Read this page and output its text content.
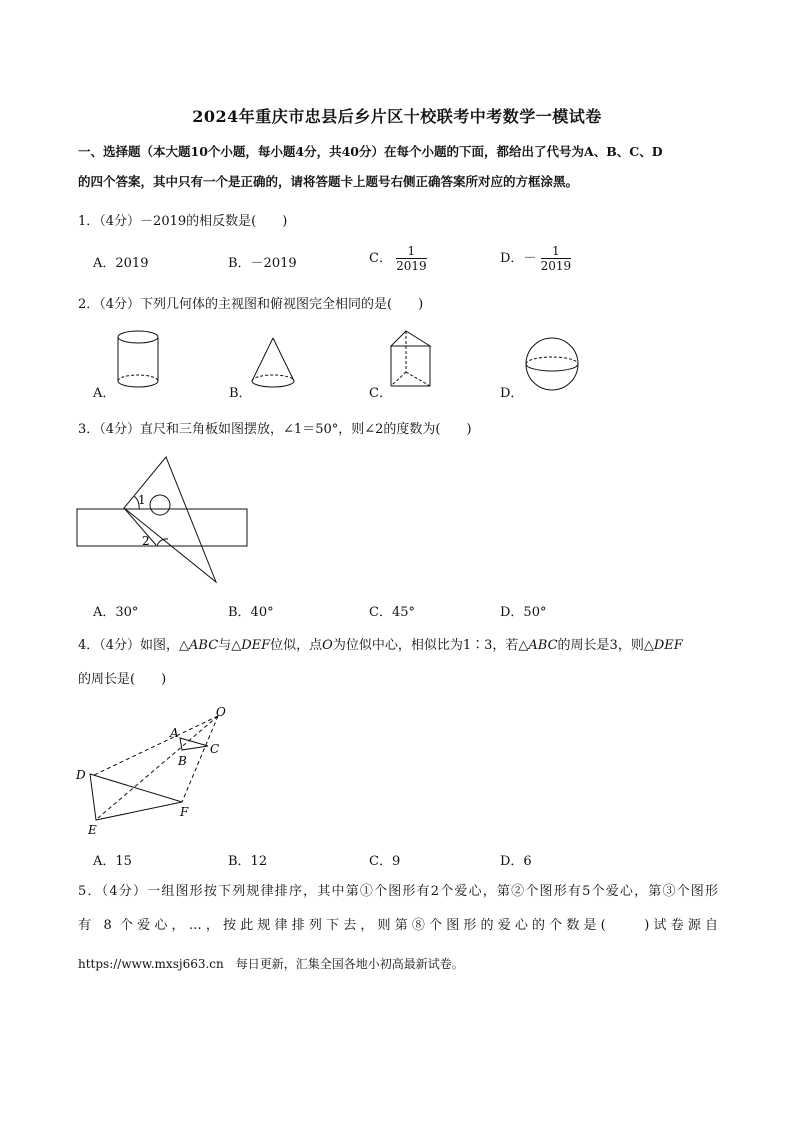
2024年重庆市忠县后乡片区十校联考中考数学一模试卷
一、选择题（本大题10个小题，每小题4分，共40分）在每个小题的下面，都给出了代号为A、B、C、D
的四个答案，其中只有一个是正确的，请将答题卡上题号右侧正确答案所对应的方框涂黑。
1．（4分）－2019的相反数是(　　)
A．2019	B．－2019	C． $\frac{1}{2019}$	D．－ $\frac{1}{2019}$
2．（4分）下列几何体的主视图和俯视图完全相同的是(　　)
A．	B．	C．	D．
3．（4分）直尺和三角板如图摆放，∠1＝50°，则∠2的度数为(　　)
1
2
A．30°	B．40°	C．45°	D．50°
4．（4分）如图，△ABC与△DEF位似，点O为位似中心，相似比为1∶3，若△ABC的周长是3，则△DEF
的周长是(　　)
O
A
B
C
D
E
F
A．15	B．12	C．9	D．6
5．（4分）一组图形按下列规律排序，其中第①个图形有2个爱心，第②个图形有5个爱心，第③个图形
有 8 个爱心，…，按此规律排列下去，则第⑧个图形的爱心的个数是(　　)试卷源自
https://www.mxsj663.cn　每日更新，汇集全国各地小初高最新试卷。
